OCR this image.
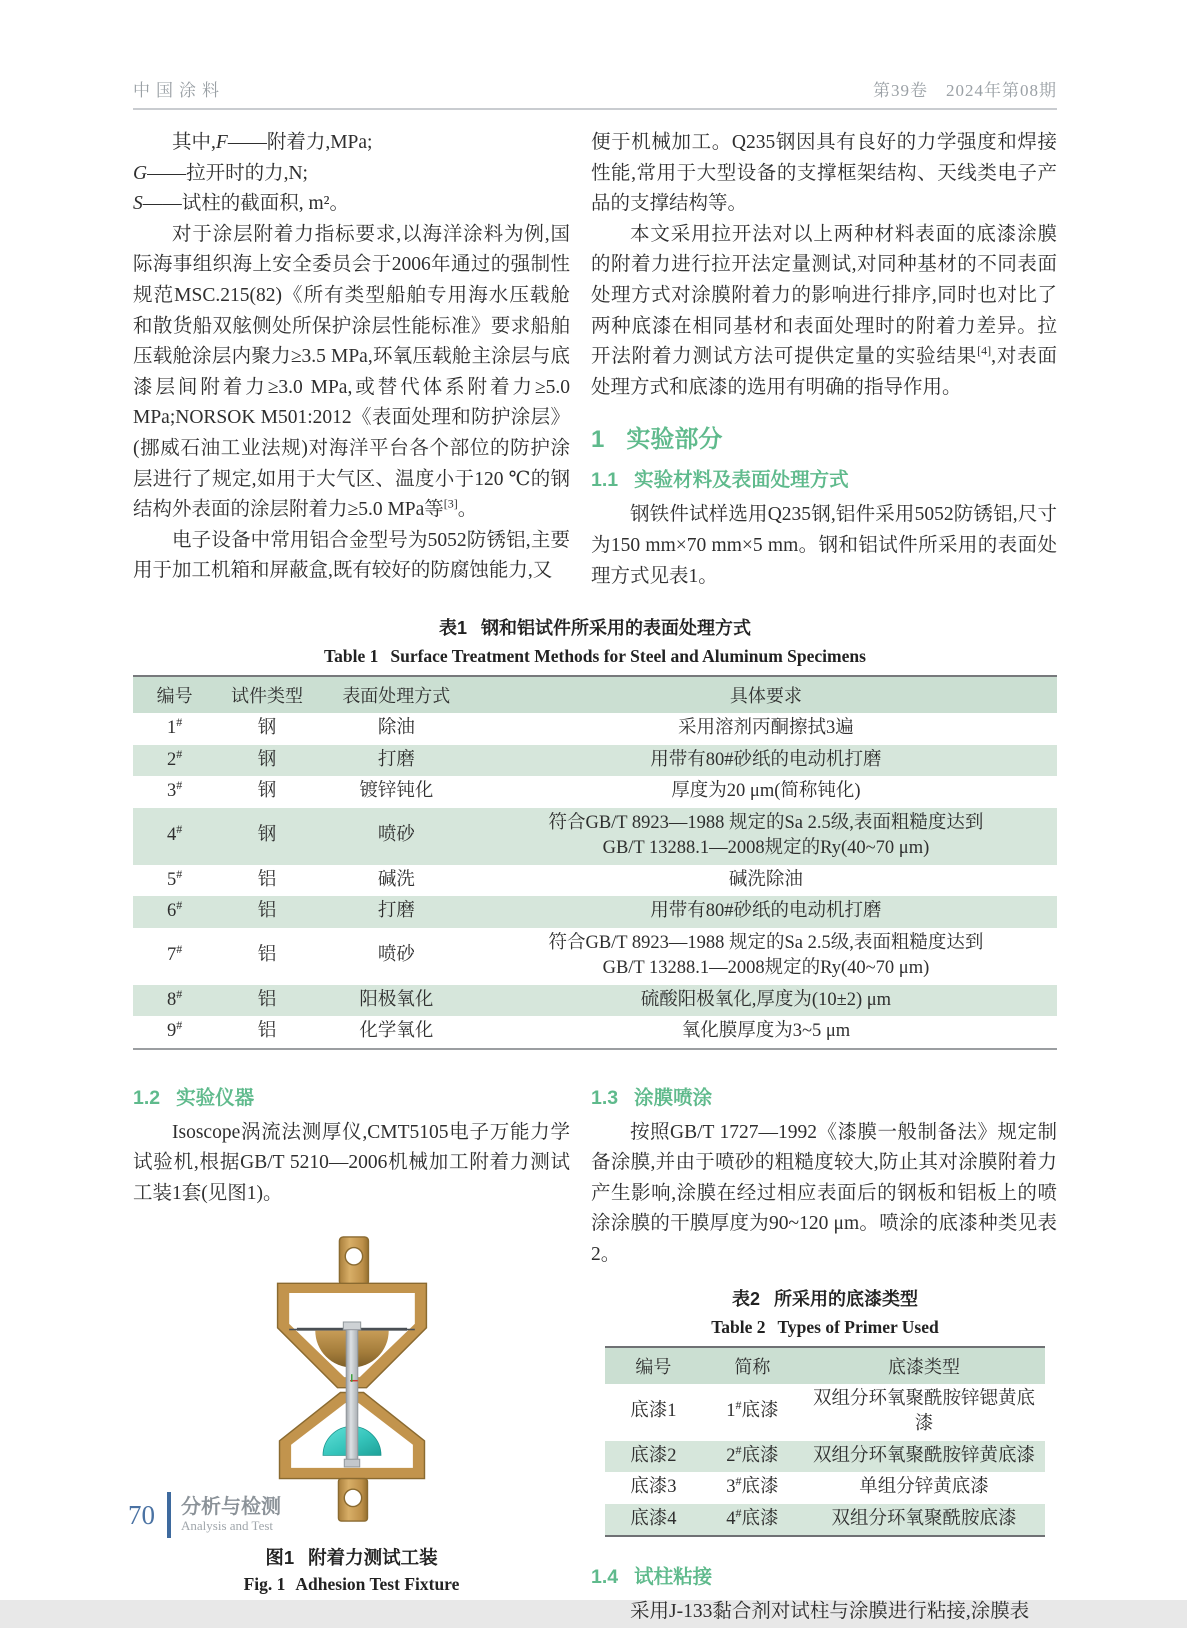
中国涂料	第39卷 2024年第08期

其中,F——附着力,MPa;

G——拉开时的力,N;

S——试柱的截面积, m²。

对于涂层附着力指标要求,以海洋涂料为例,国际海事组织海上安全委员会于2006年通过的强制性规范MSC.215(82)《所有类型船舶专用海水压载舱和散货船双舷侧处所保护涂层性能标准》要求船舶压载舱涂层内聚力≥3.5 MPa,环氧压载舱主涂层与底漆层间附着力≥3.0 MPa,或替代体系附着力≥5.0 MPa;NORSOK M501:2012《表面处理和防护涂层》(挪威石油工业法规)对海洋平台各个部位的防护涂层进行了规定,如用于大气区、温度小于120 ℃的钢结构外表面的涂层附着力≥5.0 MPa等[3]。

电子设备中常用铝合金型号为5052防锈铝,主要用于加工机箱和屏蔽盒,既有较好的防腐蚀能力,又

便于机械加工。Q235钢因具有良好的力学强度和焊接性能,常用于大型设备的支撑框架结构、天线类电子产品的支撑结构等。

本文采用拉开法对以上两种材料表面的底漆涂膜的附着力进行拉开法定量测试,对同种基材的不同表面处理方式对涂膜附着力的影响进行排序,同时也对比了两种底漆在相同基材和表面处理时的附着力差异。拉开法附着力测试方法可提供定量的实验结果[4],对表面处理方式和底漆的选用有明确的指导作用。

1 实验部分
1.1 实验材料及表面处理方式

钢铁件试样选用Q235钢,铝件采用5052防锈铝,尺寸为150 mm×70 mm×5 mm。钢和铝试件所采用的表面处理方式见表1。

表1 钢和铝试件所采用的表面处理方式

Table 1 Surface Treatment Methods for Steel and Aluminum Specimens

编号	试件类型	表面处理方式	具体要求
1#	钢	除油	采用溶剂丙酮擦拭3遍
2#	钢	打磨	用带有80#砂纸的电动机打磨
3#	钢	镀锌钝化	厚度为20 μm(简称钝化)
4#	钢	喷砂	符合GB/T 8923—1988 规定的Sa 2.5级,表面粗糙度达到GB/T 13288.1—2008规定的Ry(40~70 μm)
5#	铝	碱洗	碱洗除油
6#	铝	打磨	用带有80#砂纸的电动机打磨
7#	铝	喷砂	符合GB/T 8923—1988 规定的Sa 2.5级,表面粗糙度达到GB/T 13288.1—2008规定的Ry(40~70 μm)
8#	铝	阳极氧化	硫酸阳极氧化,厚度为(10±2) μm
9#	铝	化学氧化	氧化膜厚度为3~5 μm
1.2 实验仪器

Isoscope涡流法测厚仪,CMT5105电子万能力学试验机,根据GB/T 5210—2006机械加工附着力测试工装1套(见图1)。

图1 附着力测试工装

Fig. 1 Adhesion Test Fixture

1.3 涂膜喷涂

按照GB/T 1727—1992《漆膜一般制备法》规定制备涂膜,并由于喷砂的粗糙度较大,防止其对涂膜附着力产生影响,涂膜在经过相应表面后的钢板和铝板上的喷涂涂膜的干膜厚度为90~120 μm。喷涂的底漆种类见表2。

表2 所采用的底漆类型

Table 2 Types of Primer Used

编号	简称	底漆类型
底漆1	1#底漆	双组分环氧聚酰胺锌锶黄底漆
底漆2	2#底漆	双组分环氧聚酰胺锌黄底漆
底漆3	3#底漆	单组分锌黄底漆
底漆4	4#底漆	双组分环氧聚酰胺底漆
1.4 试柱粘接

采用J-133黏合剂对试柱与涂膜进行粘接,涂膜表

70 分析与检测
Analysis and Test
